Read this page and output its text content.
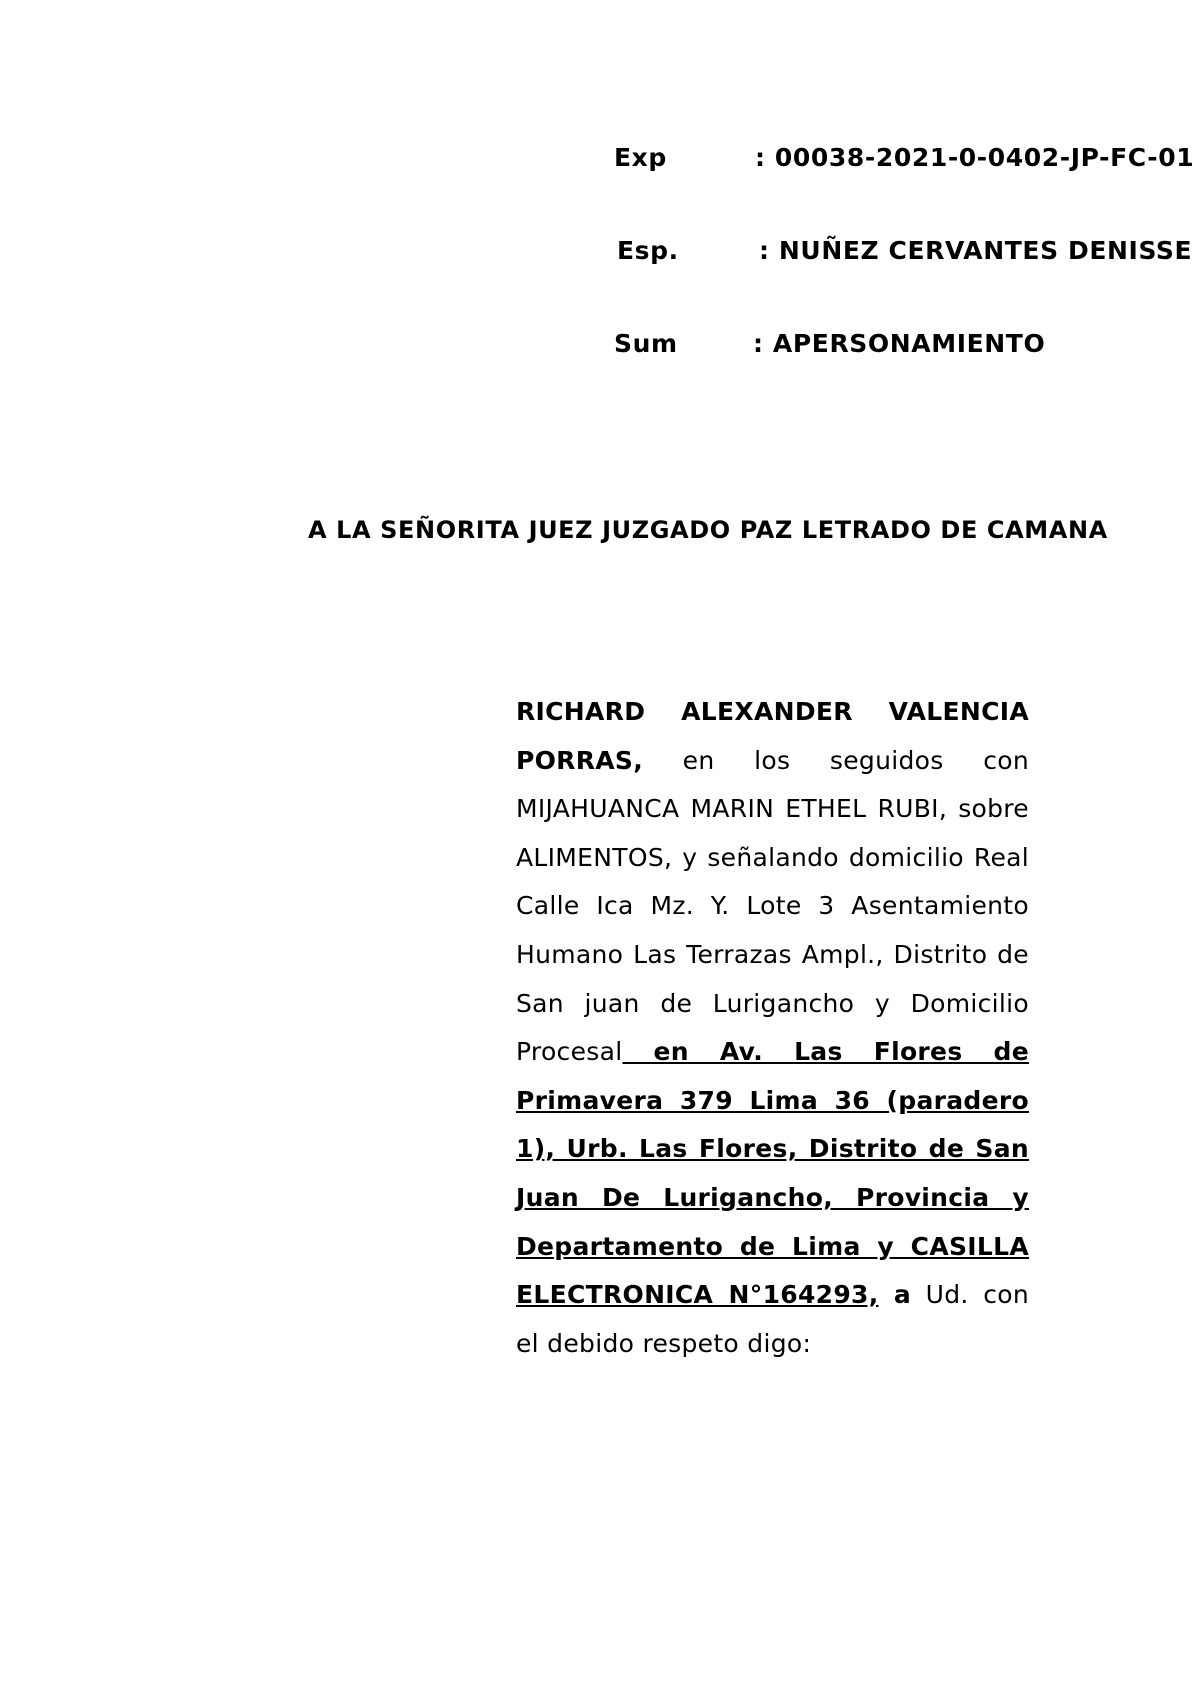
Exp	: 00038-2021-0-0402-JP-FC-01
Esp.	: NUÑEZ CERVANTES DENISSE
Sum	: APERSONAMIENTO
A LA SEÑORITA JUEZ JUZGADO PAZ LETRADO DE CAMANA
RICHARD ALEXANDER VALENCIA PORRAS, en los seguidos con MIJAHUANCA MARIN ETHEL RUBI, sobre ALIMENTOS, y señalando domicilio Real Calle Ica Mz. Y. Lote 3 Asentamiento Humano Las Terrazas Ampl., Distrito de San juan de Lurigancho y Domicilio Procesal en Av. Las Flores de Primavera 379 Lima 36 (paradero 1), Urb. Las Flores, Distrito de San Juan De Lurigancho, Provincia y Departamento de Lima y CASILLA ELECTRONICA N°164293, a Ud. con el debido respeto digo:
